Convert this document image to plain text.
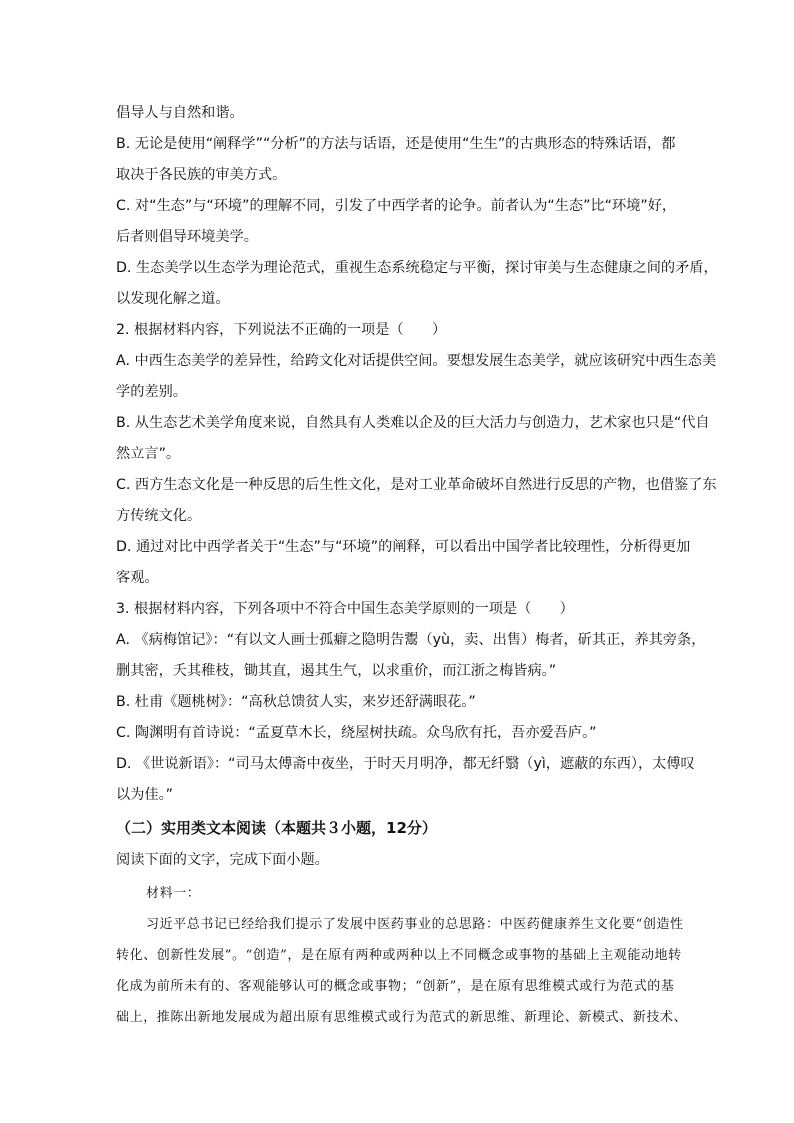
倡导人与自然和谐。
B. 无论是使用“阐释学”“分析”的方法与话语，还是使用“生生”的古典形态的特殊话语，都
取决于各民族的审美方式。
C. 对“生态”与“环境”的理解不同，引发了中西学者的论争。前者认为“生态”比“环境”好，
后者则倡导环境美学。
D. 生态美学以生态学为理论范式，重视生态系统稳定与平衡，探讨审美与生态健康之间的矛盾，
以发现化解之道。
2. 根据材料内容，下列说法不正确的一项是（　　）
A. 中西生态美学的差异性，给跨文化对话提供空间。要想发展生态美学，就应该研究中西生态美
学的差别。
B. 从生态艺术美学角度来说，自然具有人类难以企及的巨大活力与创造力，艺术家也只是“代自
然立言”。
C. 西方生态文化是一种反思的后生性文化，是对工业革命破坏自然进行反思的产物，也借鉴了东
方传统文化。
D. 通过对比中西学者关于“生态”与“环境”的阐释，可以看出中国学者比较理性，分析得更加
客观。
3. 根据材料内容，下列各项中不符合中国生态美学原则的一项是（　　）
A. 《病梅馆记》：“有以文人画士孤癖之隐明告鬻（yù，卖、出售）梅者，斫其正，养其旁条，
删其密，夭其稚枝，锄其直，遏其生气，以求重价，而江浙之梅皆病。”
B. 杜甫《题桃树》：“高秋总馈贫人实，来岁还舒满眼花。”
C. 陶渊明有首诗说：“孟夏草木长，绕屋树扶疏。众鸟欣有托，吾亦爱吾庐。”
D. 《世说新语》：“司马太傅斋中夜坐，于时天月明净，都无纤翳（yì，遮蔽的东西），太傅叹
以为佳。”
（二）实用类文本阅读（本题共３小题，12分）
阅读下面的文字，完成下面小题。
材料一：
习近平总书记已经给我们提示了发展中医药事业的总思路：中医药健康养生文化要“创造性
转化、创新性发展”。“创造”，是在原有两种或两种以上不同概念或事物的基础上主观能动地转
化成为前所未有的、客观能够认可的概念或事物；“创新”，是在原有思维模式或行为范式的基
础上，推陈出新地发展成为超出原有思维模式或行为范式的新思维、新理论、新模式、新技术、
